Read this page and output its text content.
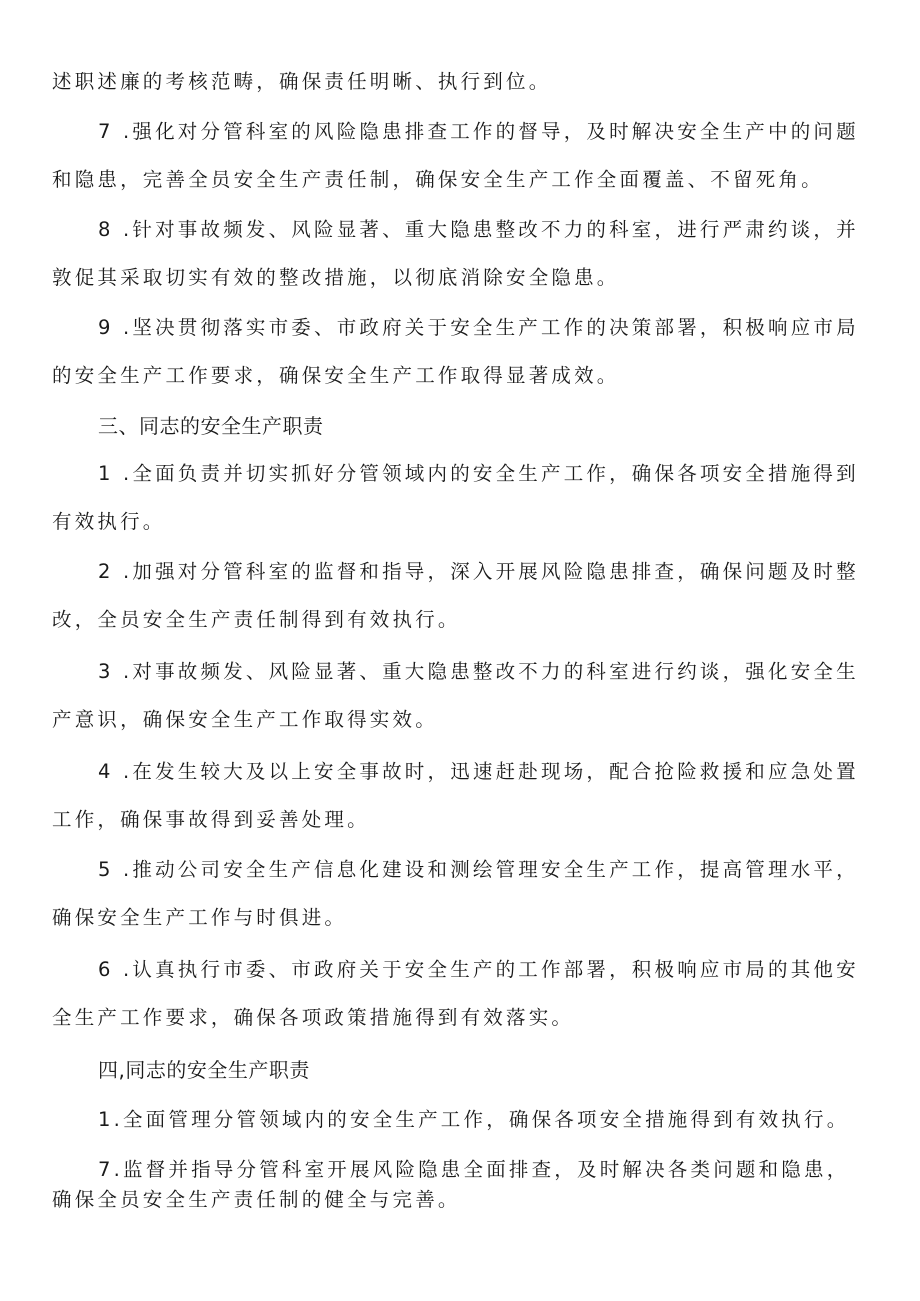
述职述廉的考核范畴，确保责任明晰、执行到位。
7 .强化对分管科室的风险隐患排查工作的督导，及时解决安全生产中的问题
和隐患，完善全员安全生产责任制，确保安全生产工作全面覆盖、不留死角。
8 .针对事故频发、风险显著、重大隐患整改不力的科室，进行严肃约谈，并
敦促其采取切实有效的整改措施，以彻底消除安全隐患。
9 .坚决贯彻落实市委、市政府关于安全生产工作的决策部署，积极响应市局
的安全生产工作要求，确保安全生产工作取得显著成效。
三、同志的安全生产职责
1 .全面负责并切实抓好分管领域内的安全生产工作，确保各项安全措施得到
有效执行。
2 .加强对分管科室的监督和指导，深入开展风险隐患排查，确保问题及时整
改，全员安全生产责任制得到有效执行。
3 .对事故频发、风险显著、重大隐患整改不力的科室进行约谈，强化安全生
产意识，确保安全生产工作取得实效。
4 .在发生较大及以上安全事故时，迅速赶赴现场，配合抢险救援和应急处置
工作，确保事故得到妥善处理。
5 .推动公司安全生产信息化建设和测绘管理安全生产工作，提高管理水平，
确保安全生产工作与时俱进。
6 .认真执行市委、市政府关于安全生产的工作部署，积极响应市局的其他安
全生产工作要求，确保各项政策措施得到有效落实。
四,同志的安全生产职责
1.全面管理分管领域内的安全生产工作，确保各项安全措施得到有效执行。
7.监督并指导分管科室开展风险隐患全面排查，及时解决各类问题和隐患，
确保全员安全生产责任制的健全与完善。
